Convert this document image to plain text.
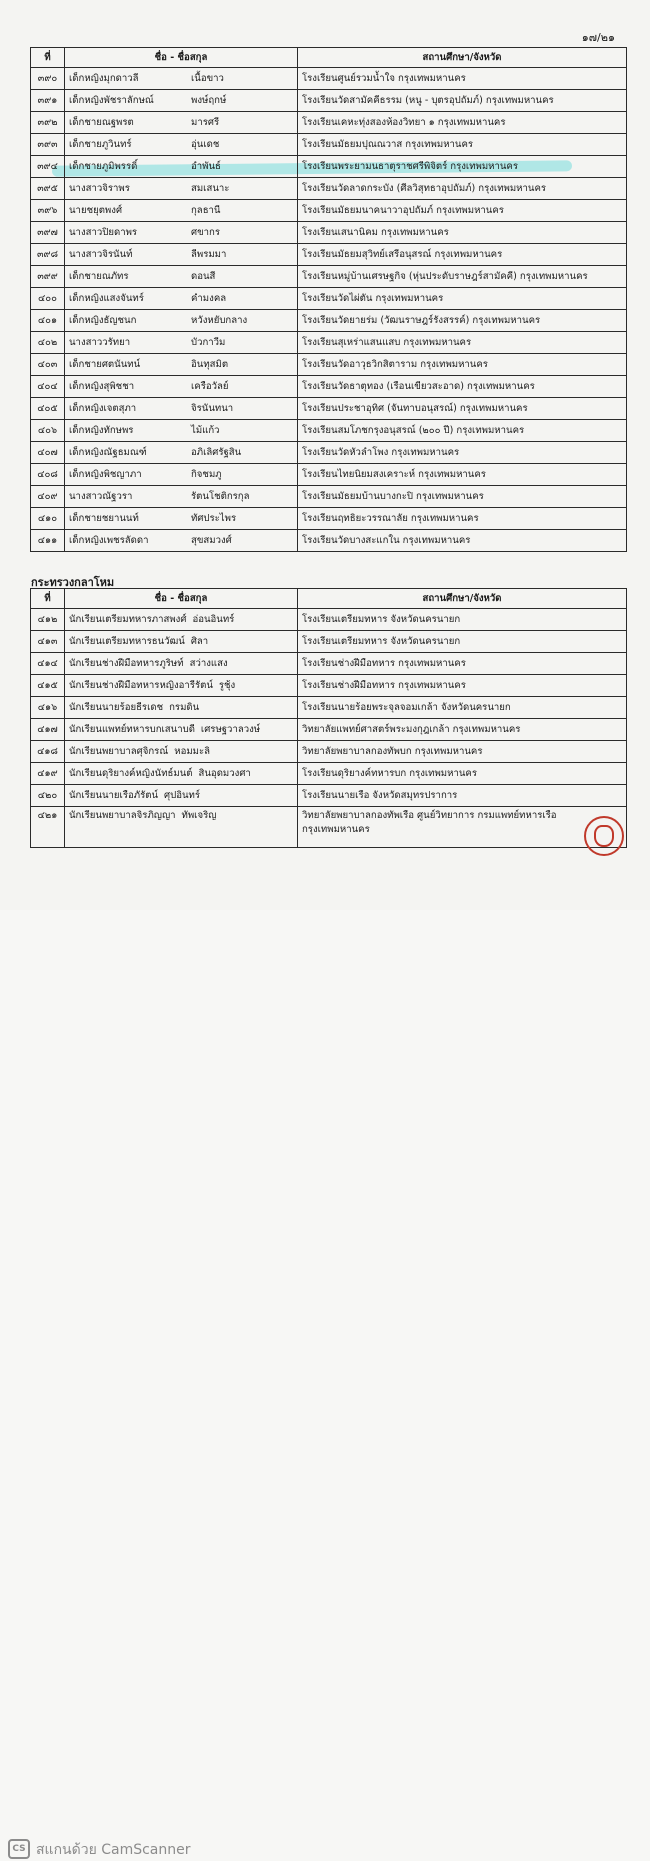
๑๗/๒๑
ที่	ชื่อ - ชื่อสกุล	สถานศึกษา/จังหวัด
๓๙๐	เด็กหญิงมุกดาวลี เนื้อขาว	โรงเรียนศูนย์รวมน้ำใจ กรุงเทพมหานคร

๓๙๑	เด็กหญิงพัชราลักษณ์ พงษ์ฤกษ์	โรงเรียนวัดสามัคคีธรรม (หนู - บุตรอุปถัมภ์) กรุงเทพมหานคร

๓๙๒	เด็กชายณฐพรต มารศรี	โรงเรียนเคหะทุ่งสองห้องวิทยา ๑ กรุงเทพมหานคร

๓๙๓	เด็กชายภูวินทร์ อุ่นเดช	โรงเรียนมัธยมปุณณวาส กรุงเทพมหานคร

๓๙๔	เด็กชายภูมิพรรดิ์ อำพันธ์	โรงเรียนพระยามนธาตุราชศรีพิจิตร์ กรุงเทพมหานคร

๓๙๕	นางสาวจิราพร สมเสนาะ	โรงเรียนวัดลาดกระบัง (ศีลวิสุทธาอุปถัมภ์) กรุงเทพมหานคร

๓๙๖	นายชยุตพงศ์ กุลธานี	โรงเรียนมัธยมนาคนาวาอุปถัมภ์ กรุงเทพมหานคร

๓๙๗	นางสาวปิยดาพร ศขากร	โรงเรียนเสนานิคม กรุงเทพมหานคร

๓๙๘	นางสาวจิรนันท์ ลีพรมมา	โรงเรียนมัธยมสุวิทย์เสรีอนุสรณ์ กรุงเทพมหานคร

๓๙๙	เด็กชายณภัทร ดอนสี	โรงเรียนหมู่บ้านเศรษฐกิจ (หุ่นประดับราษฎร์สามัคคี) กรุงเทพมหานคร

๔๐๐	เด็กหญิงแสงจันทร์ คำมงคล	โรงเรียนวัดไผ่ตัน กรุงเทพมหานคร

๔๐๑	เด็กหญิงธัญชนก หวังหยับกลาง	โรงเรียนวัดยายร่ม (วัฒนราษฎร์รังสรรค์) กรุงเทพมหานคร

๔๐๒	นางสาววรัทยา บัวกาวีม	โรงเรียนสุเหร่าแสนแสบ กรุงเทพมหานคร

๔๐๓	เด็กชายศตนันทน์ อินทุสมิต	โรงเรียนวัดอาวุธวิกสิตาราม กรุงเทพมหานคร

๔๐๔	เด็กหญิงสุพิชชา เครือวัลย์	โรงเรียนวัดธาตุทอง (เรือนเขียวสะอาด) กรุงเทพมหานคร

๔๐๕	เด็กหญิงเจตสุภา จิรนันทนา	โรงเรียนประชาอุทิศ (จันทาบอนุสรณ์) กรุงเทพมหานคร

๔๐๖	เด็กหญิงทักษพร ไม้แก้ว	โรงเรียนสมโภชกรุงอนุสรณ์ (๒๐๐ ปี) กรุงเทพมหานคร

๔๐๗	เด็กหญิงณัฐธมณฑ์ อภิเลิศรัฐสิน	โรงเรียนวัดหัวลำโพง กรุงเทพมหานคร

๔๐๘	เด็กหญิงพิชญาภา กิจชมภู	โรงเรียนไทยนิยมสงเคราะห์ กรุงเทพมหานคร

๔๐๙	นางสาวณัฐวรา รัตนโชติกรกุล	โรงเรียนมัธยมบ้านบางกะปิ กรุงเทพมหานคร

๔๑๐	เด็กชายชยานนท์ ทัศประไพร	โรงเรียนฤทธิยะวรรณาลัย กรุงเทพมหานคร

๔๑๑	เด็กหญิงเพชรลัดดา สุขสมวงศ์	โรงเรียนวัดบางสะแกใน กรุงเทพมหานคร
กระทรวงกลาโหม
ที่	ชื่อ - ชื่อสกุล	สถานศึกษา/จังหวัด
๔๑๒	นักเรียนเตรียมทหารภาสพงศ์ อ่อนอินทร์	โรงเรียนเตรียมทหาร จังหวัดนครนายก

๔๑๓	นักเรียนเตรียมทหารธนวัฒน์ ศิลา	โรงเรียนเตรียมทหาร จังหวัดนครนายก

๔๑๔	นักเรียนช่างฝีมือทหารภูริษท์ สว่างแสง	โรงเรียนช่างฝีมือทหาร กรุงเทพมหานคร

๔๑๕	นักเรียนช่างฝีมือทหารหญิงอารีรัตน์ รูชุ้ง	โรงเรียนช่างฝีมือทหาร กรุงเทพมหานคร

๔๑๖	นักเรียนนายร้อยธีรเดช กรมดิน	โรงเรียนนายร้อยพระจุลจอมเกล้า จังหวัดนครนายก

๔๑๗	นักเรียนแพทย์ทหารบกเสนาบดี เศรษฐวาลวงษ์	วิทยาลัยแพทย์ศาสตร์พระมงกุฎเกล้า กรุงเทพมหานคร

๔๑๘	นักเรียนพยาบาลศุจิกรณ์ หอมมะลิ	วิทยาลัยพยาบาลกองทัพบก กรุงเทพมหานคร

๔๑๙	นักเรียนดุริยางค์หญิงนัทธ์มนต์ สินอุดมวงศา	โรงเรียนดุริยางค์ทหารบก กรุงเทพมหานคร

๔๒๐	นักเรียนนายเรือภัรัตน์ ศุปอินทร์	โรงเรียนนายเรือ จังหวัดสมุทรปราการ

๔๒๑	นักเรียนพยาบาลจิรภิญญา ทัพเจริญ	วิทยาลัยพยาบาลกองทัพเรือ ศูนย์วิทยาการ กรมแพทย์ทหารเรือ
กรุงเทพมหานคร
CS สแกนด้วย CamScanner
